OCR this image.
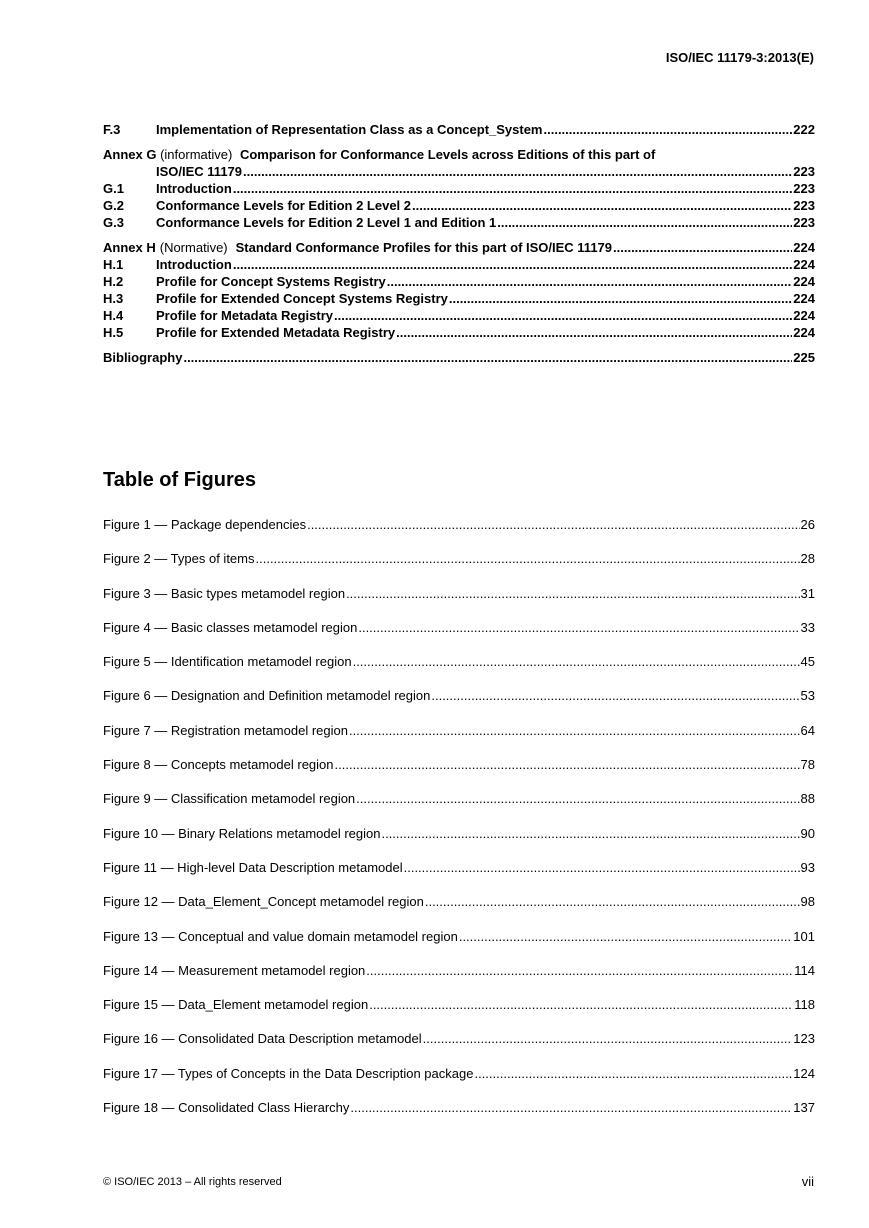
ISO/IEC 11179-3:2013(E)
F.3	Implementation of Representation Class as a Concept_System .....	222
Annex G (informative) Comparison for Conformance Levels across Editions of this part of
ISO/IEC 11179 .....	223
G.1	Introduction .....	223
G.2	Conformance Levels for Edition 2 Level 2 .....	223
G.3	Conformance Levels for Edition 2 Level 1 and Edition 1 .....	223
Annex H (Normative) Standard Conformance Profiles for this part of ISO/IEC 11179 .....	224
H.1	Introduction .....	224
H.2	Profile for Concept Systems Registry .....	224
H.3	Profile for Extended Concept Systems Registry .....	224
H.4	Profile for Metadata Registry .....	224
H.5	Profile for Extended Metadata Registry .....	224
Bibliography .....	225
Table of Figures
Figure 1 — Package dependencies .....	26
Figure 2 — Types of items .....	28
Figure 3 — Basic types metamodel region .....	31
Figure 4 — Basic classes metamodel region .....	33
Figure 5 — Identification metamodel region .....	45
Figure 6 — Designation and Definition metamodel region .....	53
Figure 7 — Registration metamodel region .....	64
Figure 8 — Concepts metamodel region .....	78
Figure 9 — Classification metamodel region .....	88
Figure 10 — Binary Relations metamodel region .....	90
Figure 11 — High-level Data Description metamodel .....	93
Figure 12 — Data_Element_Concept metamodel region .....	98
Figure 13 — Conceptual and value domain metamodel region .....	101
Figure 14 — Measurement metamodel region .....	114
Figure 15 — Data_Element metamodel region .....	118
Figure 16 — Consolidated Data Description metamodel .....	123
Figure 17 — Types of Concepts in the Data Description package .....	124
Figure 18 — Consolidated Class Hierarchy .....	137
© ISO/IEC 2013 – All rights reserved	vii
